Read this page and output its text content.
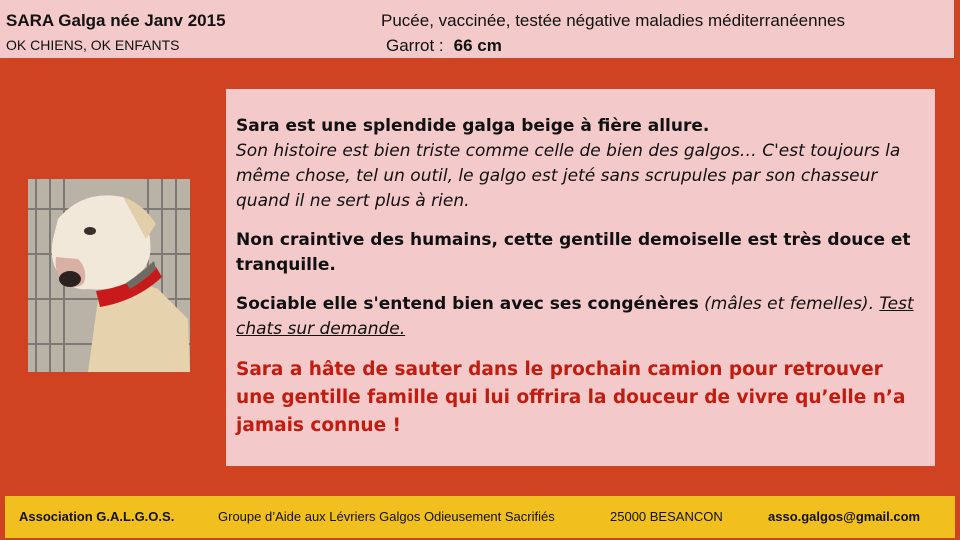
SARA Galga née Janv 2015
OK CHIENS, OK ENFANTS
Pucée, vaccinée, testée négative maladies méditerranéennes
Garrot : 66 cm

Sara est une splendide galga beige à fière allure.
Son histoire est bien triste comme celle de bien des galgos… C'est toujours la même chose, tel un outil, le galgo est jeté sans scrupules par son chasseur quand il ne sert plus à rien.

Non craintive des humains, cette gentille demoiselle est très douce et tranquille.

Sociable elle s'entend bien avec ses congénères (mâles et femelles). Test chats sur demande.

Sara a hâte de sauter dans le prochain camion pour retrouver une gentille famille qui lui offrira la douceur de vivre qu’elle n’a jamais connue !

Association G.A.L.G.O.S.	Groupe d’Aide aux Lévriers Galgos Odieusement Sacrifiés	25000 BESANCON	asso.galgos@gmail.com
